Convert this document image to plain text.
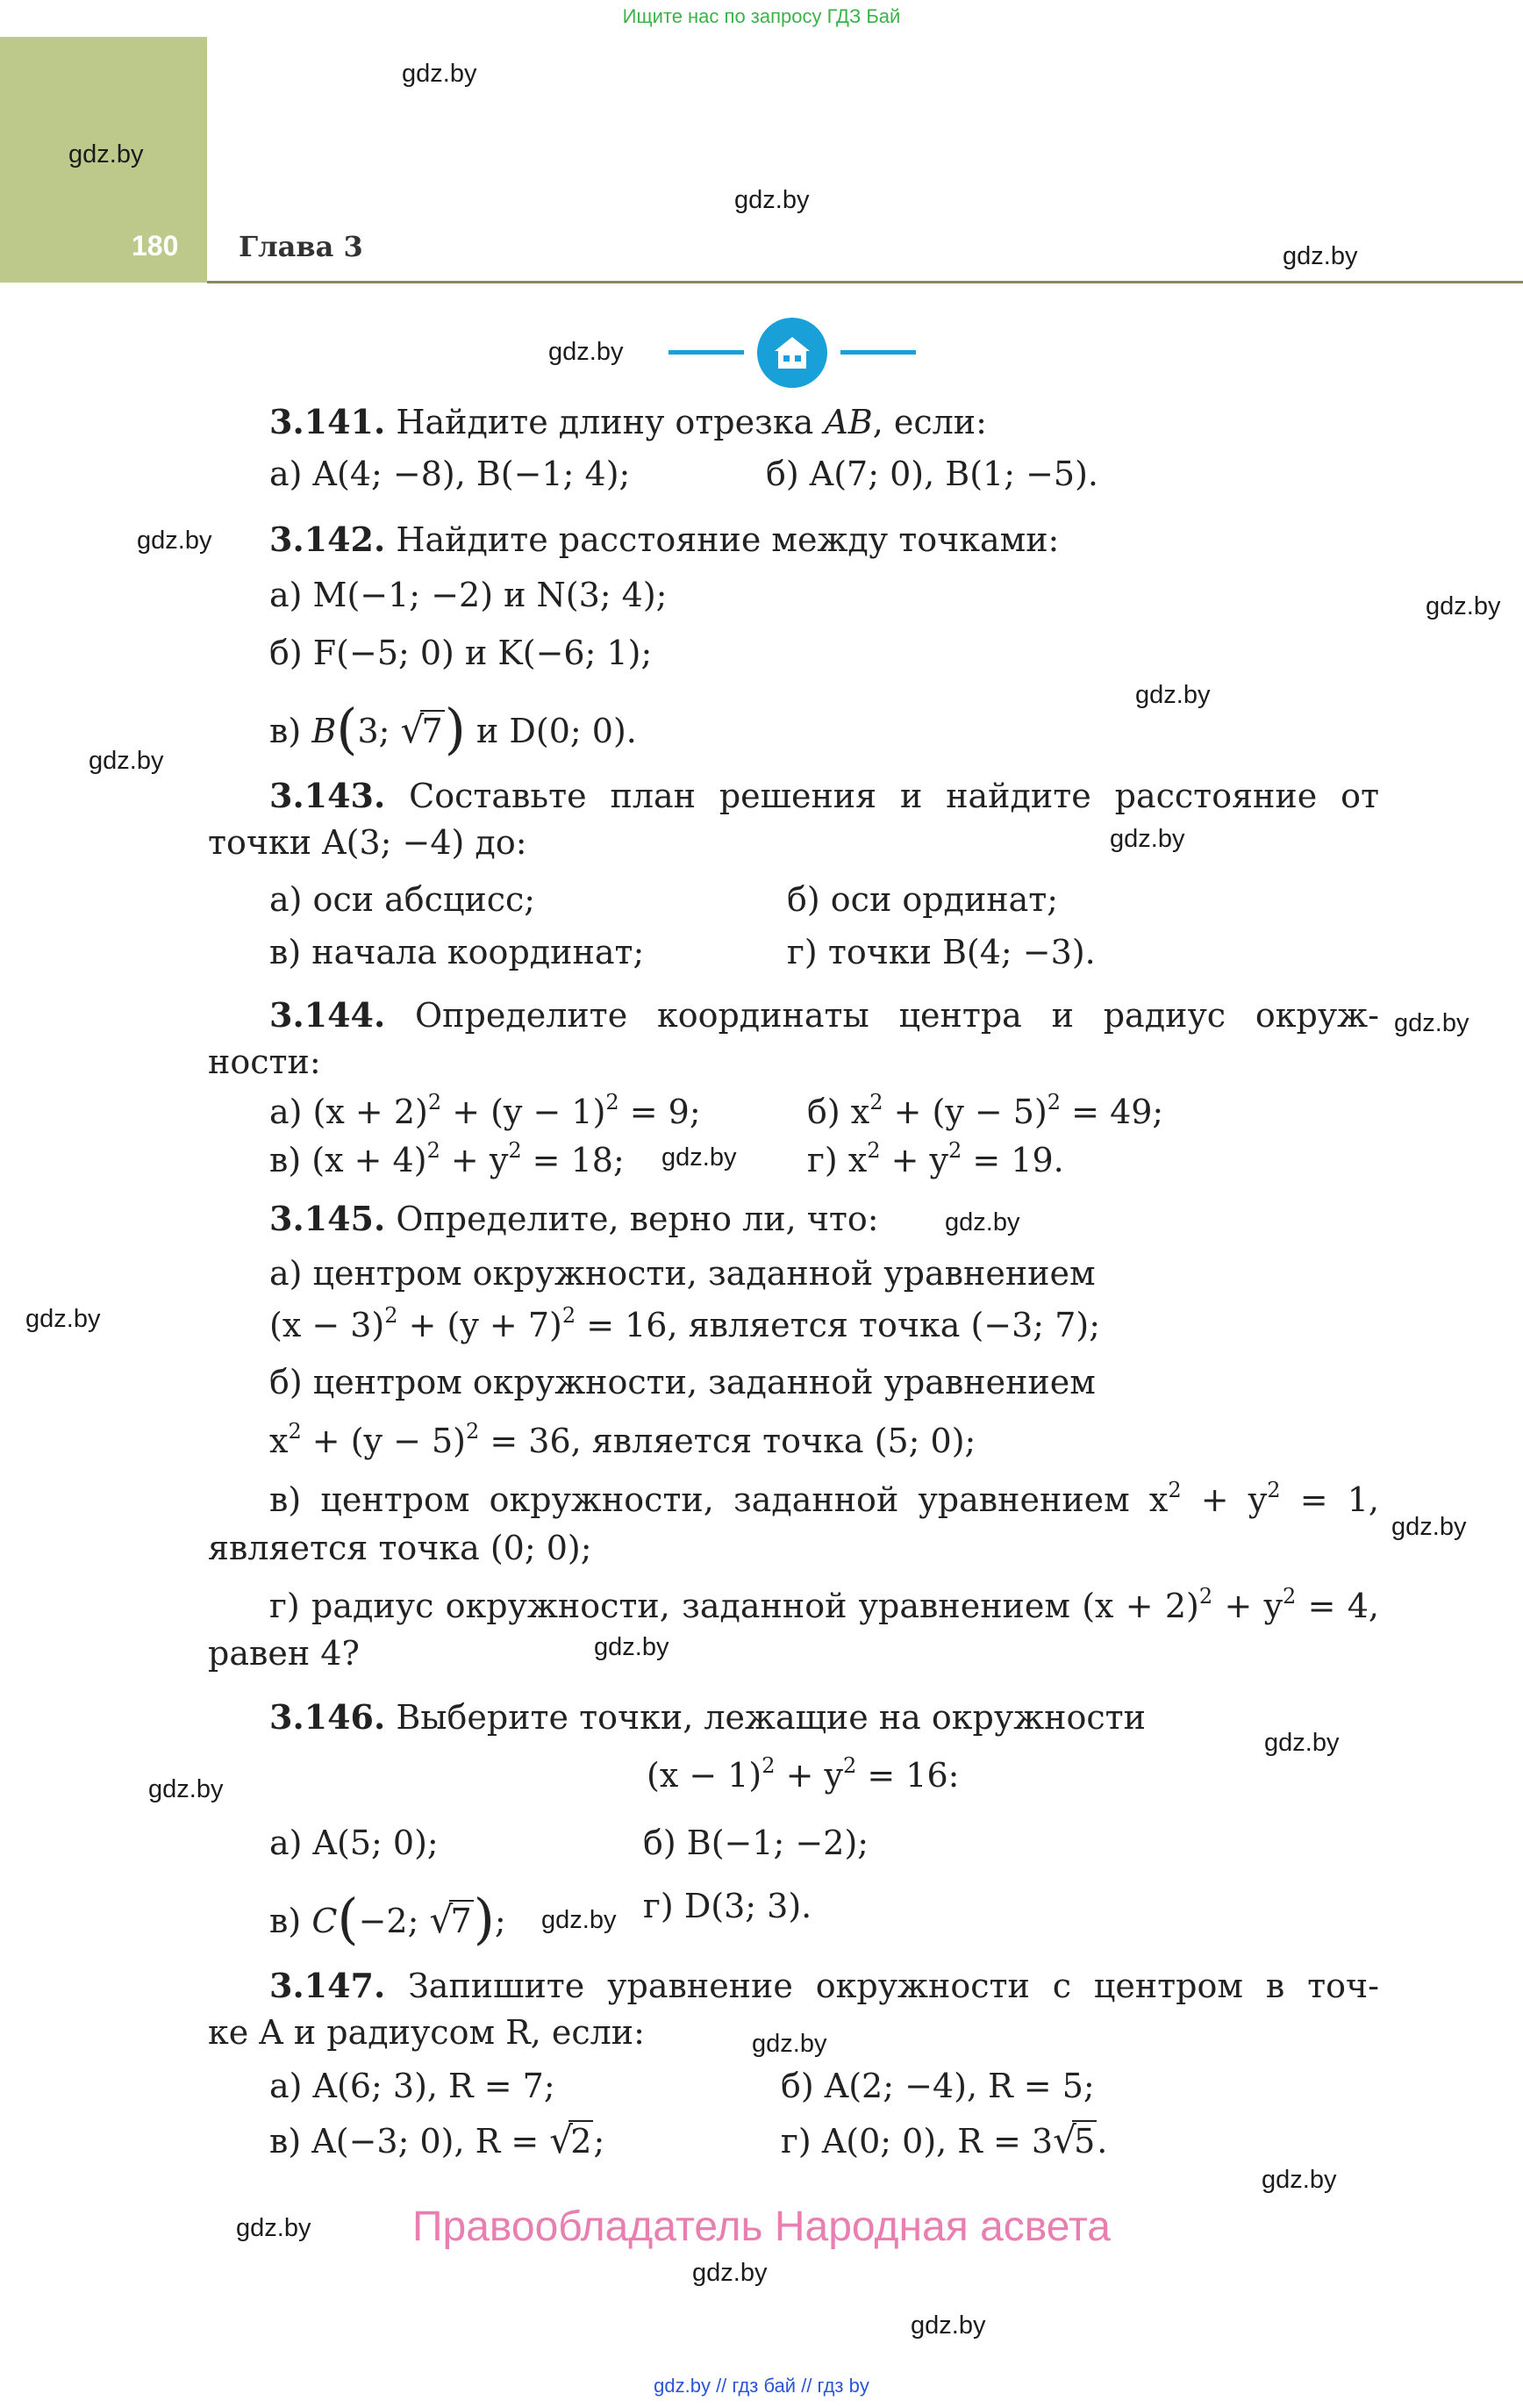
Ищите нас по запросу ГДЗ Бай
180 Глава 3
gdz.by
gdz.by
gdz.by
gdz.by
gdz.by
gdz.by
gdz.by
gdz.by
gdz.by
gdz.by
gdz.by
gdz.by
gdz.by
gdz.by
gdz.by
gdz.by
gdz.by
gdz.by
gdz.by
gdz.by
gdz.by
gdz.by
gdz.by
gdz.by
3.141. Найдите длину отрезка AB, если:
а) A(4; −8), B(−1; 4);	б) A(7; 0), B(1; −5).
3.142. Найдите расстояние между точками:
а) M(−1; −2) и N(3; 4);
б) F(−5; 0) и K(−6; 1);
в) B(3; √ 7) и D(0; 0).
3.143. Составьте план решения и найдите расстояние от
точки A(3; −4) до:
а) оси абсцисс;	б) оси ординат;
в) начала координат;	г) точки B(4; −3).
3.144. Определите координаты центра и радиус окруж-
ности:
а) $(x + 2)^2 + (y - 1)^2 = 9$;	б) $x^2 + (y - 5)^2 = 49$;
в) $(x + 4)^2 + y^2 = 18$;	г) $x^2 + y^2 = 19$.
3.145. Определите, верно ли, что:
а) центром окружности, заданной уравнением
$(x - 3)^2 + (y + 7)^2 = 16$, является точка (−3; 7);
б) центром окружности, заданной уравнением
$x^2 + (y - 5)^2 = 36$, является точка (5; 0);
в) центром окружности, заданной уравнением $x^2 + y^2 = 1$,
является точка (0; 0);
г) радиус окружности, заданной уравнением $(x + 2)^2 + y^2 = 4$,
равен 4?
3.146. Выберите точки, лежащие на окружности
$(x - 1)^2 + y^2 = 16$:
а) A(5; 0);	б) B(−1; −2);
в) C(−2; √ 7);	г) D(3; 3).
3.147. Запишите уравнение окружности с центром в точ-
ке A и радиусом R, если:
а) A(6; 3), R = 7;	б) A(2; −4), R = 5;
в) A(−3; 0), R = √ 2;	г) A(0; 0), R = 3 √ 5.
Правообладатель Народная асвета
gdz.by // гдз бай // гдз by
